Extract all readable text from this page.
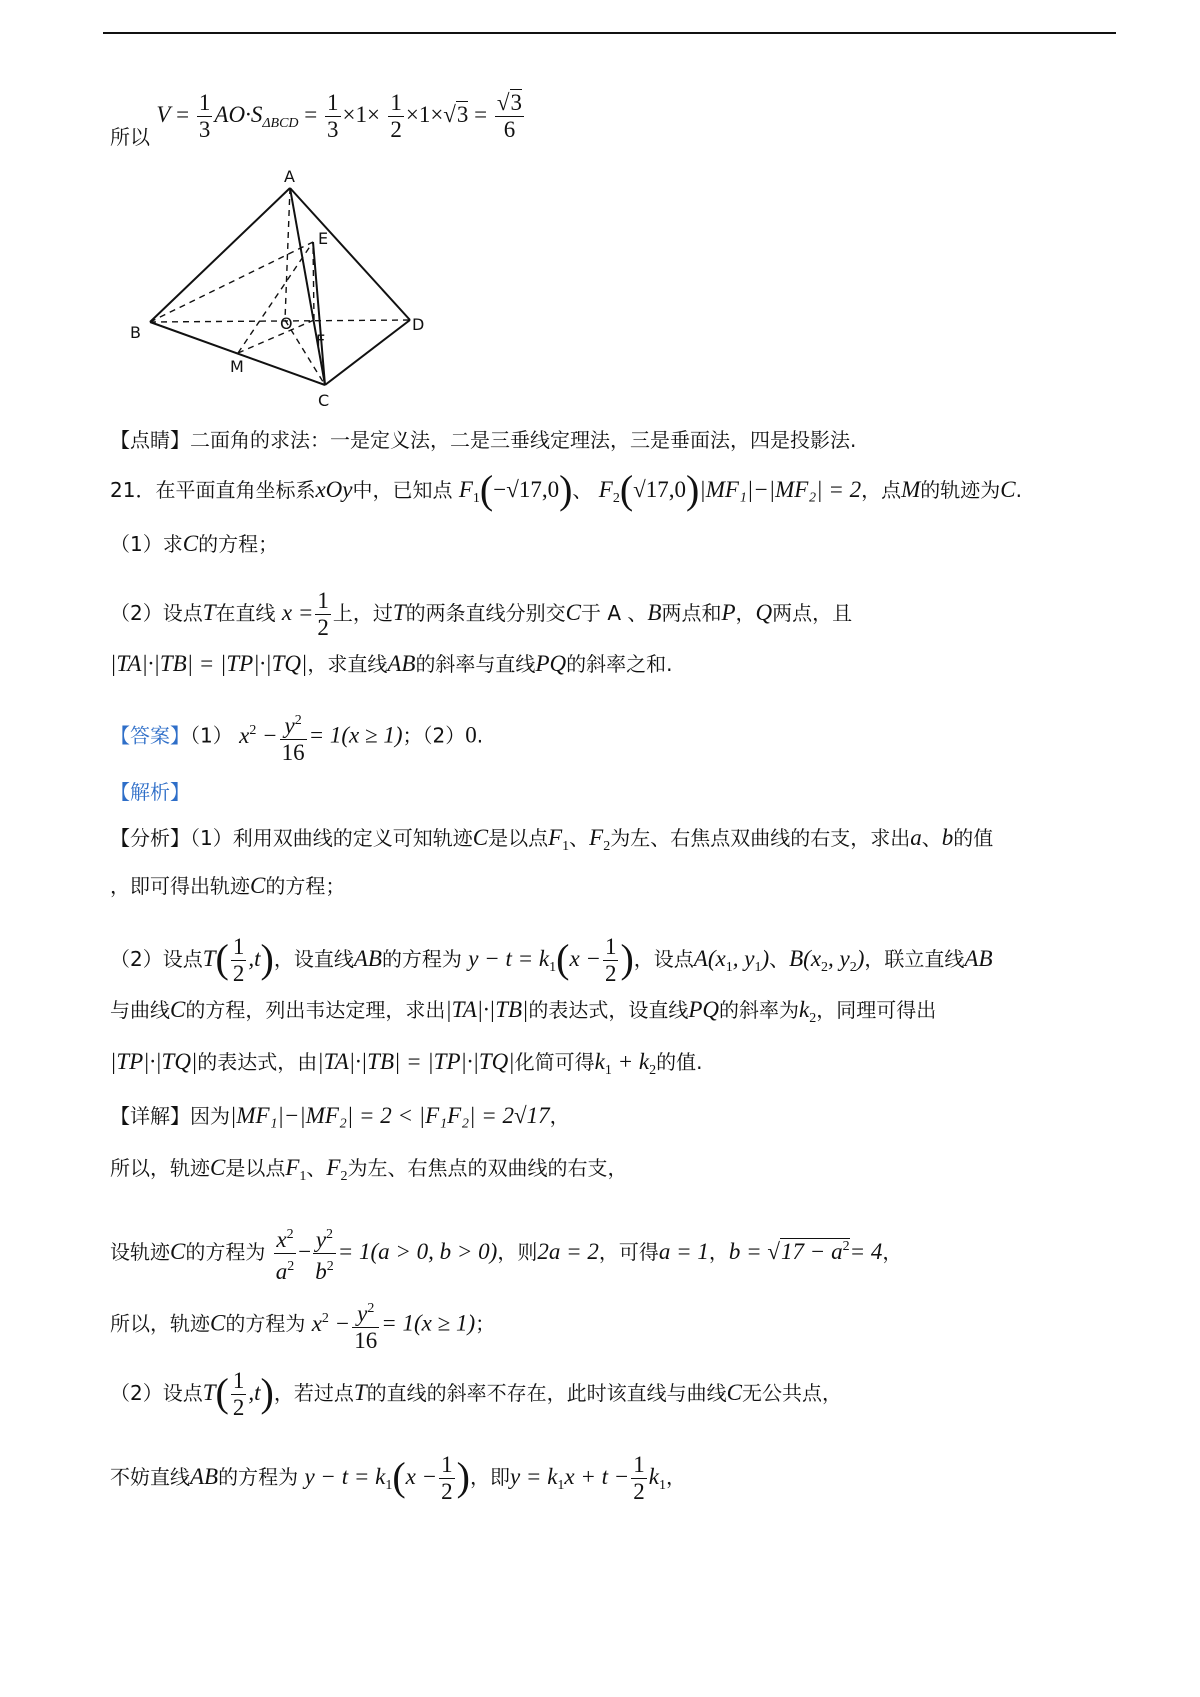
所以 $V = \frac{1}{3} AO\cdot S_{\Delta BCD} = \frac{1}{3} \times 1\times \frac{1}{2} \times 1\times√3 = \frac{√3}{6}$
A
E
B	O	D
F
M
C
【点睛】二面角的求法：一是定义法，二是三垂线定理法，三是垂面法，四是投影法.
21．在平面直角坐标系xOy中，已知点 $F_1(-√17,0)$、 $F_2(√17,0)|MF_1|-|MF_2| = 2$，点M的轨迹为C.
（1）求C的方程；
（2）设点T在直线 $x = \frac{1}{2}$ 上，过T的两条直线分别交C于 A 、B两点和P，Q两点，且
|TA|·|TB| = |TP|·|TQ|，求直线AB的斜率与直线PQ的斜率之和.
【答案】（1） $x^2 - \frac{y^2}{16} = 1(x \ge 1)$；（2）0.
【解析】
【分析】（1）利用双曲线的定义可知轨迹C是以点$F_1$、$F_2$为左、右焦点双曲线的右支，求出a、b的值
，即可得出轨迹C的方程；
（2）设点$T( \frac{1}{2} ,t)$，设直线AB的方程为 $y - t = k_1(x - \frac{1}{2}$ )，设点$A(x_1$, $y_1$)、$B(x_2$, $y_2$)，联立直线AB
与曲线C的方程，列出韦达定理，求出|TA|·|TB|的表达式，设直线PQ的斜率为$k_2$，同理可得出
|TP|·|TQ|的表达式，由|TA|·|TB| = |TP|·|TQ|化简可得$k_1 + k_2$的值.
【详解】因为|MF₁|−|MF₂| = 2 < |F₁F₂| = 2√17，
所以，轨迹C是以点$F_1$、$F_2$为左、右焦点的双曲线的右支，
设轨迹C的方程为 $\frac{x^2}{a^2} - \frac{y^2}{b^2} = 1(a > 0$, b > 0)，则2a = 2，可得a = 1，$b = √17 - a^2= 4$，
所以，轨迹C的方程为 $x^2 - \frac{y^2}{16} = 1(x \ge 1)$；
（2）设点$T( \frac{1}{2} ,t)$，若过点T的直线的斜率不存在，此时该直线与曲线C无公共点，
不妨直线AB的方程为 $y - t = k_1(x - \frac{1}{2}$ )，即$y = k_1x + t - \frac{1}{2} k_1$，
